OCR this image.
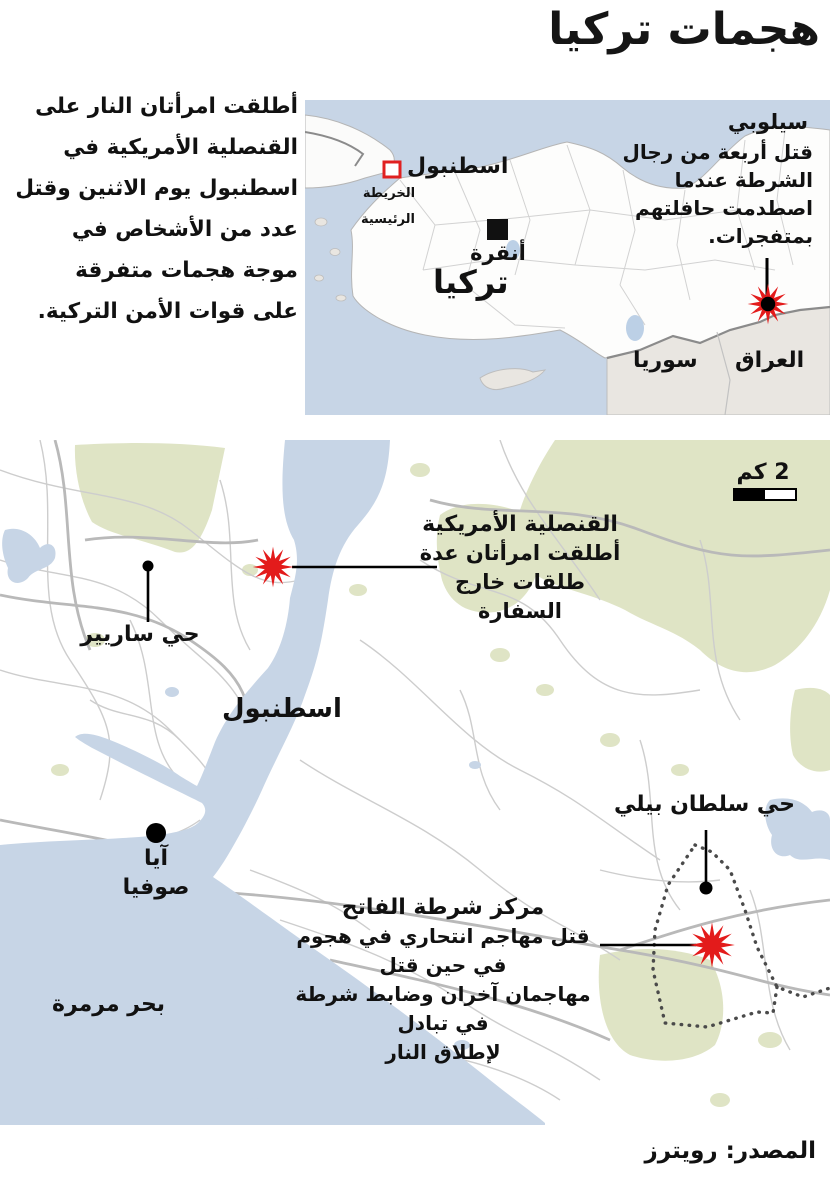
هجمات تركيا
أطلقت امرأتان النار على
القنصلية الأمريكية في
اسطنبول يوم الاثنين وقتل
عدد من الأشخاص في
موجة هجمات متفرقة
على قوات الأمن التركية.
اسطنبول
الخريطة
الرئيسية
أنقرة
تركيا
سوريا العراق
سيلوبي
قتل أربعة من رجال
الشرطة عندما
اصطدمت حافلتهم
بمتفجرات.
2 كم
القنصلية الأمريكية
أطلقت امرأتان عدة طلقات خارج
السفارة
حي ساريير
اسطنبول
حي سلطان بيلي
آيا
صوفيا
مركز شرطة الفاتح
قتل مهاجم انتحاري في هجوم في حين قتل
مهاجمان آخران وضابط شرطة في تبادل
لإطلاق النار
بحر مرمرة
المصدر: رويترز
